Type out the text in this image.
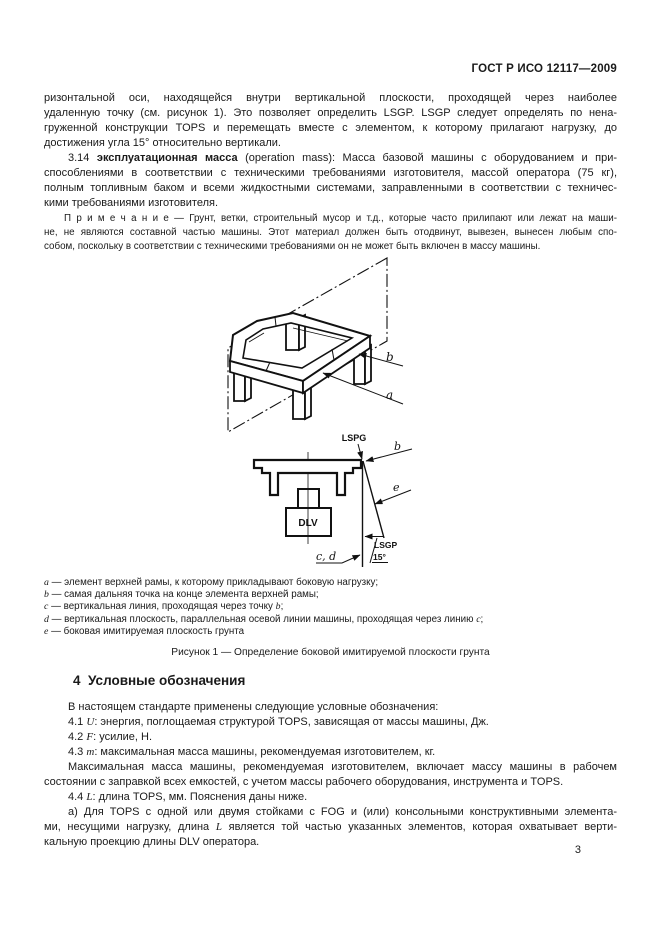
ГОСТ Р ИСО 12117—2009
ризонтальной оси, находящейся внутри вертикальной плоскости, проходящей через наиболее
удаленную точку (см. рисунок 1). Это позволяет определить LSGP. LSGP следует определять по нена-
груженной конструкции TOPS и перемещать вместе с элементом, к которому прилагают нагрузку, до
достижения угла 15° относительно вертикали.
3.14 эксплуатационная масса (operation mass): Масса базовой машины с оборудованием и при-
способлениями в соответствии с техническими требованиями изготовителя, массой оператора (75 кг),
полным топливным баком и всеми жидкостными системами, заправленными в соответствии с техничес-
кими требованиями изготовителя.
П р и м е ч а н и е — Грунт, ветки, строительный мусор и т.д., которые часто прилипают или лежат на маши-
не, не являются составной частью машины. Этот материал должен быть отодвинут, вывезен, вынесен любым спо-
собом, поскольку в соответствии с техническими требованиями он не может быть включен в массу машины.
b
a
DLV
LSPG
b
e
LSGP
15°
c, d
a — элемент верхней рамы, к которому прикладывают боковую нагрузку;
b — самая дальняя точка на конце элемента верхней рамы;
c — вертикальная линия, проходящая через точку b;
d — вертикальная плоскость, параллельная осевой линии машины, проходящая через линию c;
e — боковая имитируемая плоскость грунта
Рисунок 1 — Определение боковой имитируемой плоскости грунта
4  Условные обозначения
В настоящем стандарте применены следующие условные обозначения:
4.1 U: энергия, поглощаемая структурой TOPS, зависящая от массы машины, Дж.
4.2 F: усилие, Н.
4.3 m: максимальная масса машины, рекомендуемая изготовителем, кг.
Максимальная масса машины, рекомендуемая изготовителем, включает массу машины в рабочем
состоянии с заправкой всех емкостей, с учетом массы рабочего оборудования, инструмента и TOPS.
4.4 L: длина TOPS, мм. Пояснения даны ниже.
а) Для TOPS с одной или двумя стойками с FOG и (или) консольными конструктивными элемента-
ми, несущими нагрузку, длина L является той частью указанных элементов, которая охватывает верти-
кальную проекцию длины DLV оператора.
3
